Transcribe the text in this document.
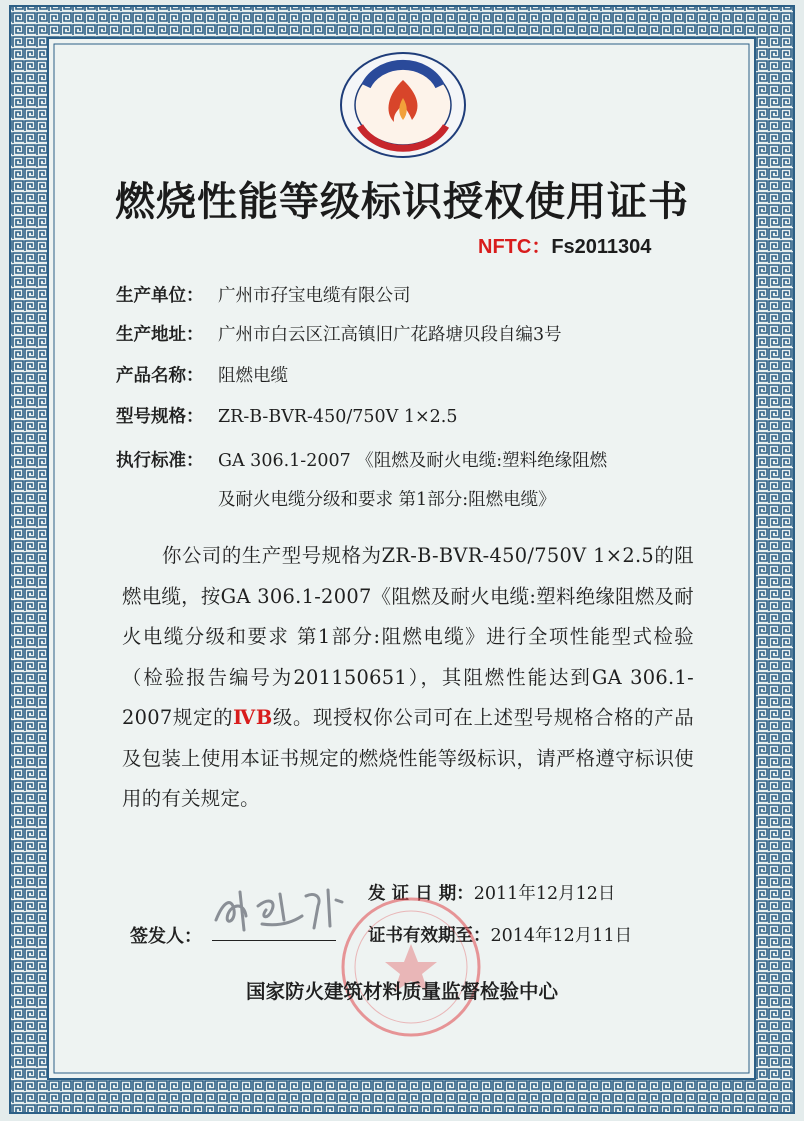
燃烧性能等级标识授权使用证书
NFTC：Fs2011304
生产单位： 广州市孖宝电缆有限公司
生产地址： 广州市白云区江高镇旧广花路塘贝段自编3号
产品名称： 阻燃电缆
型号规格： ZR-B-BVR-450/750V 1×2.5
执行标准： GA 306.1-2007 《阻燃及耐火电缆:塑料绝缘阻燃
及耐火电缆分级和要求 第1部分:阻燃电缆》
你公司的生产型号规格为ZR-B-BVR-450/750V 1×2.5的阻燃电缆，按GA 306.1-2007《阻燃及耐火电缆:塑料绝缘阻燃及耐火电缆分级和要求 第1部分:阻燃电缆》进行全项性能型式检验（检验报告编号为201150651），其阻燃性能达到GA 306.1-2007规定的ⅣB级。现授权你公司可在上述型号规格合格的产品及包装上使用本证书规定的燃烧性能等级标识，请严格遵守标识使用的有关规定。
发 证 日 期：2011年12月12日
证书有效期至：2014年12月11日
签发人：
国家防火建筑材料质量监督检验中心
